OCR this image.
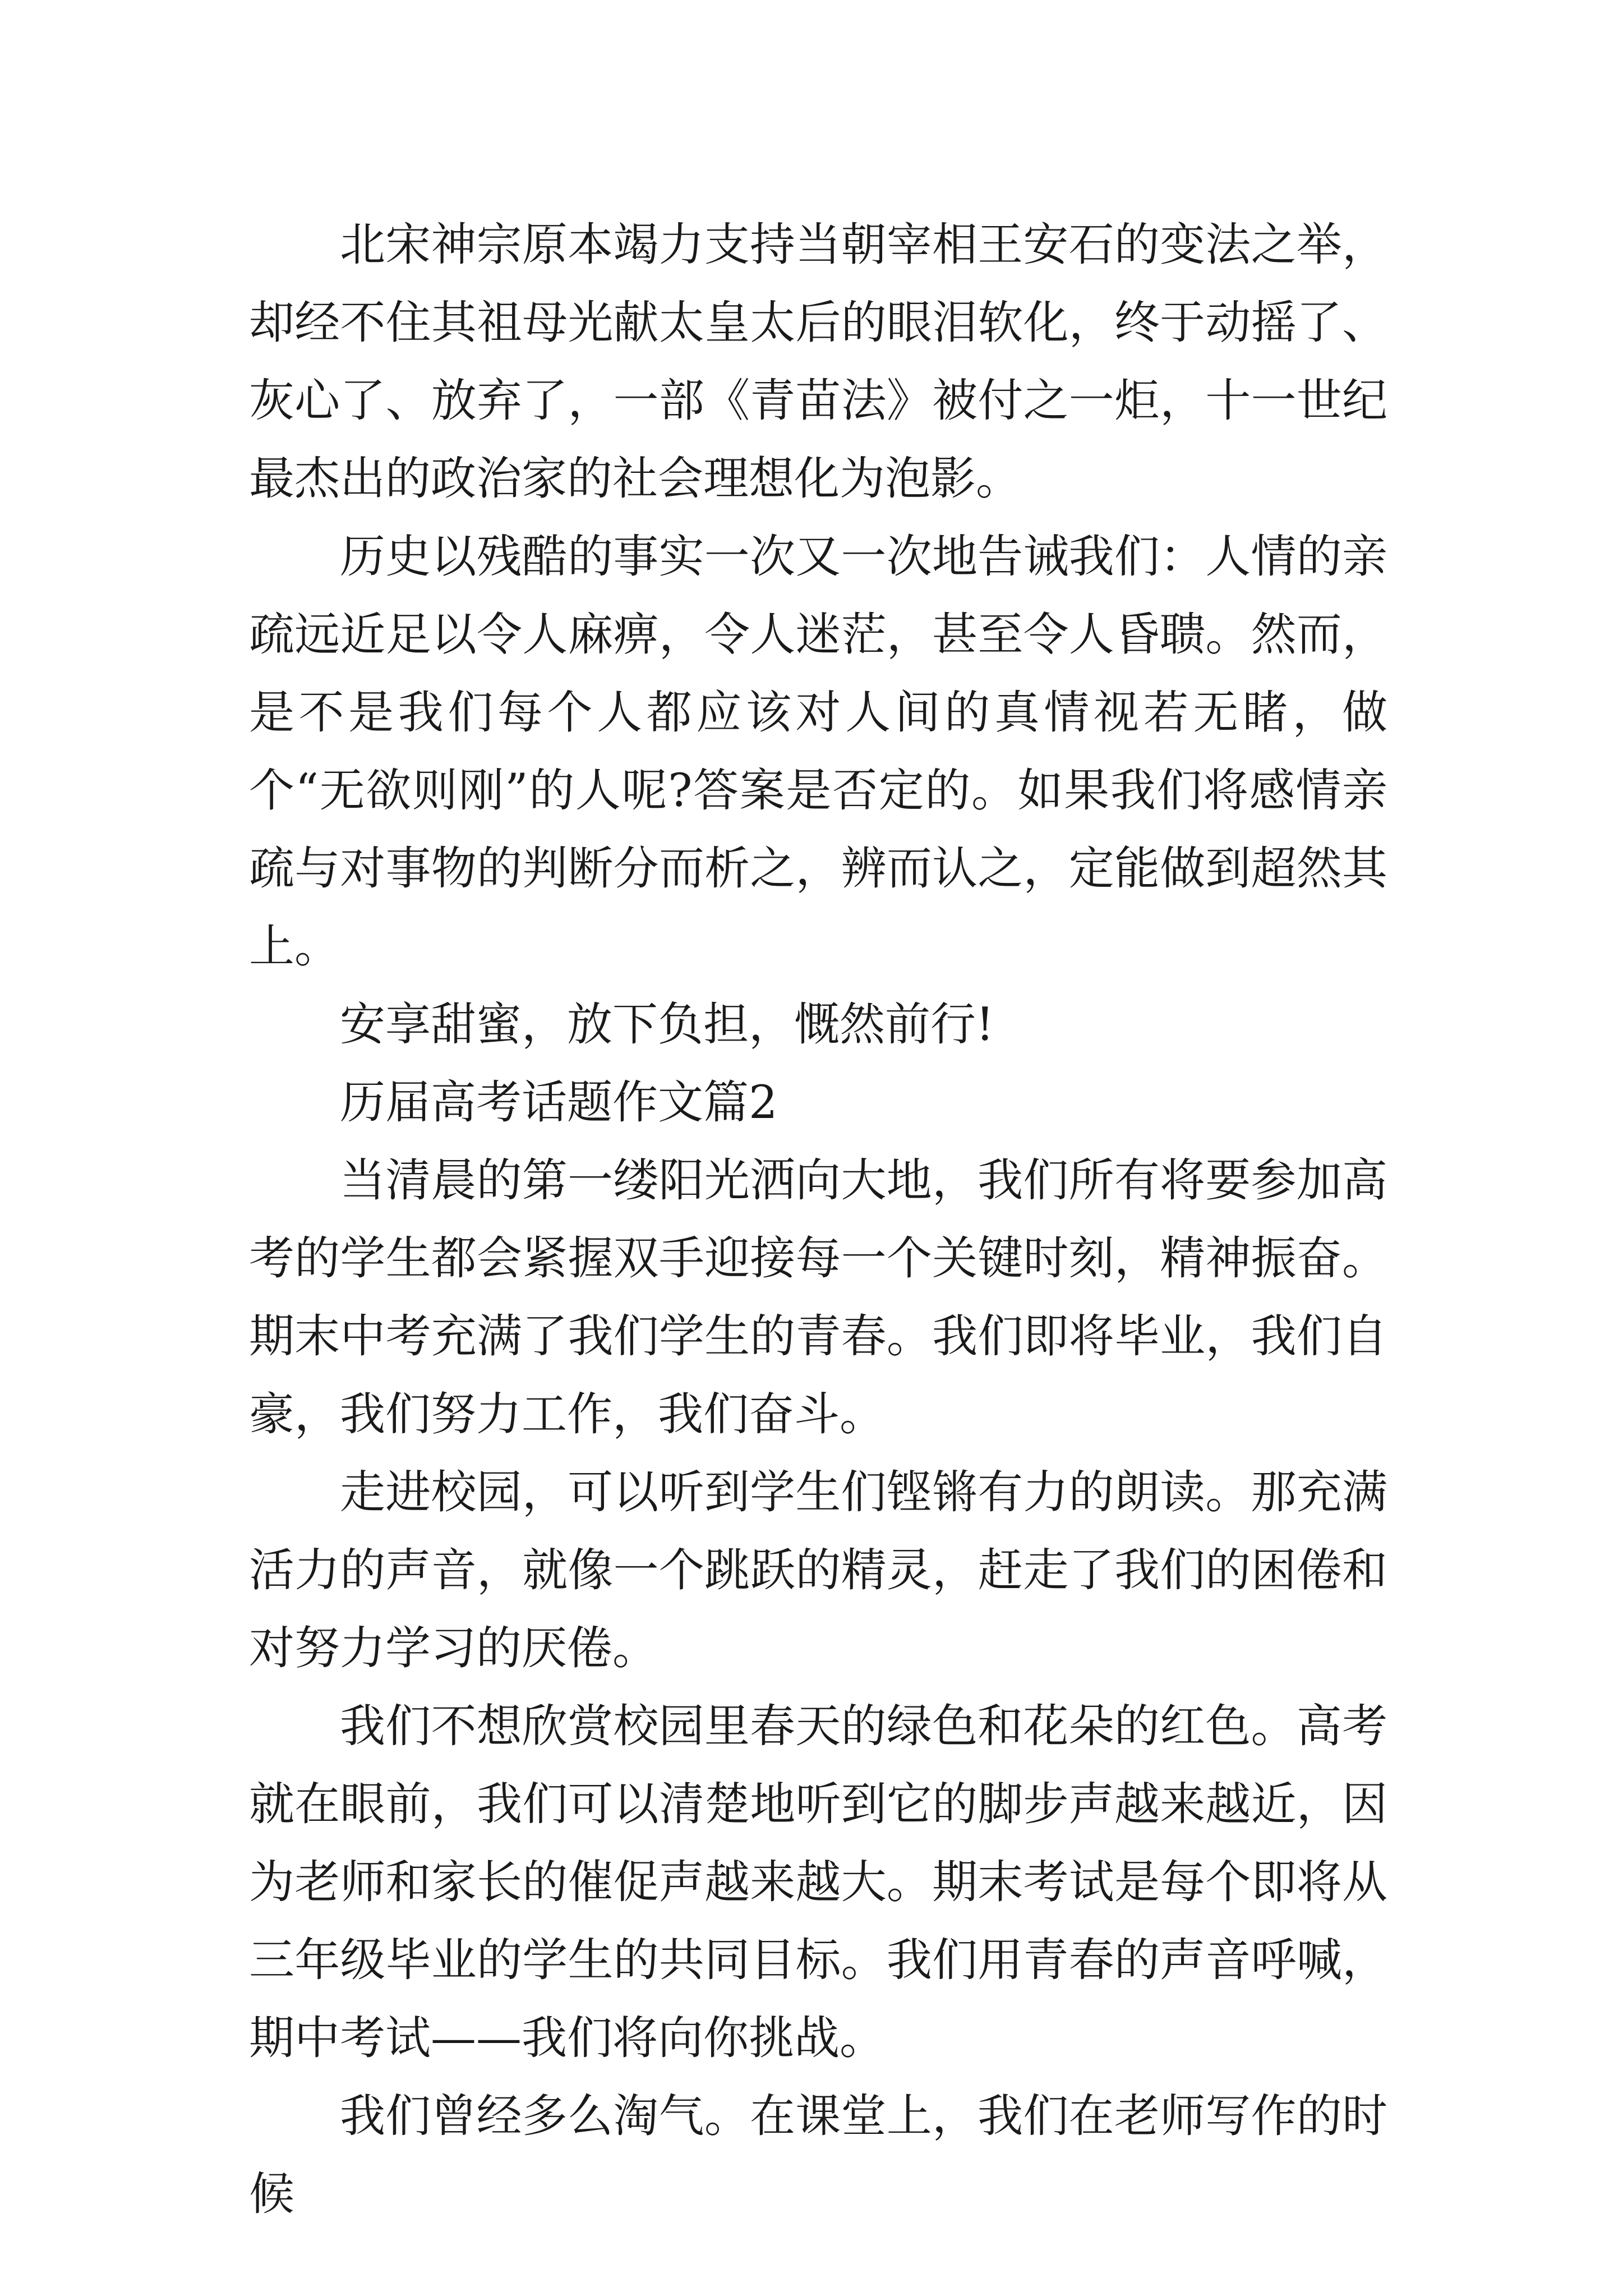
北宋神宗原本竭力支持当朝宰相王安石的变法之举，却经不住其祖母光献太皇太后的眼泪软化，终于动摇了、灰心了、放弃了，一部《青苗法》被付之一炬，十一世纪最杰出的政治家的社会理想化为泡影。

历史以残酷的事实一次又一次地告诫我们：人情的亲疏远近足以令人麻痹，令人迷茫，甚至令人昏聩。然而，是不是我们每个人都应该对人间的真情视若无睹，做个“无欲则刚”的人呢?答案是否定的。如果我们将感情亲疏与对事物的判断分而析之，辨而认之，定能做到超然其上。

安享甜蜜，放下负担，慨然前行!

历届高考话题作文篇2

当清晨的第一缕阳光洒向大地，我们所有将要参加高考的学生都会紧握双手迎接每一个关键时刻，精神振奋。期末中考充满了我们学生的青春。我们即将毕业，我们自豪，我们努力工作，我们奋斗。

走进校园，可以听到学生们铿锵有力的朗读。那充满活力的声音，就像一个跳跃的精灵，赶走了我们的困倦和对努力学习的厌倦。

我们不想欣赏校园里春天的绿色和花朵的红色。高考就在眼前，我们可以清楚地听到它的脚步声越来越近，因为老师和家长的催促声越来越大。期末考试是每个即将从三年级毕业的学生的共同目标。我们用青春的声音呼喊，期中考试——我们将向你挑战。

我们曾经多么淘气。在课堂上，我们在老师写作的时候
